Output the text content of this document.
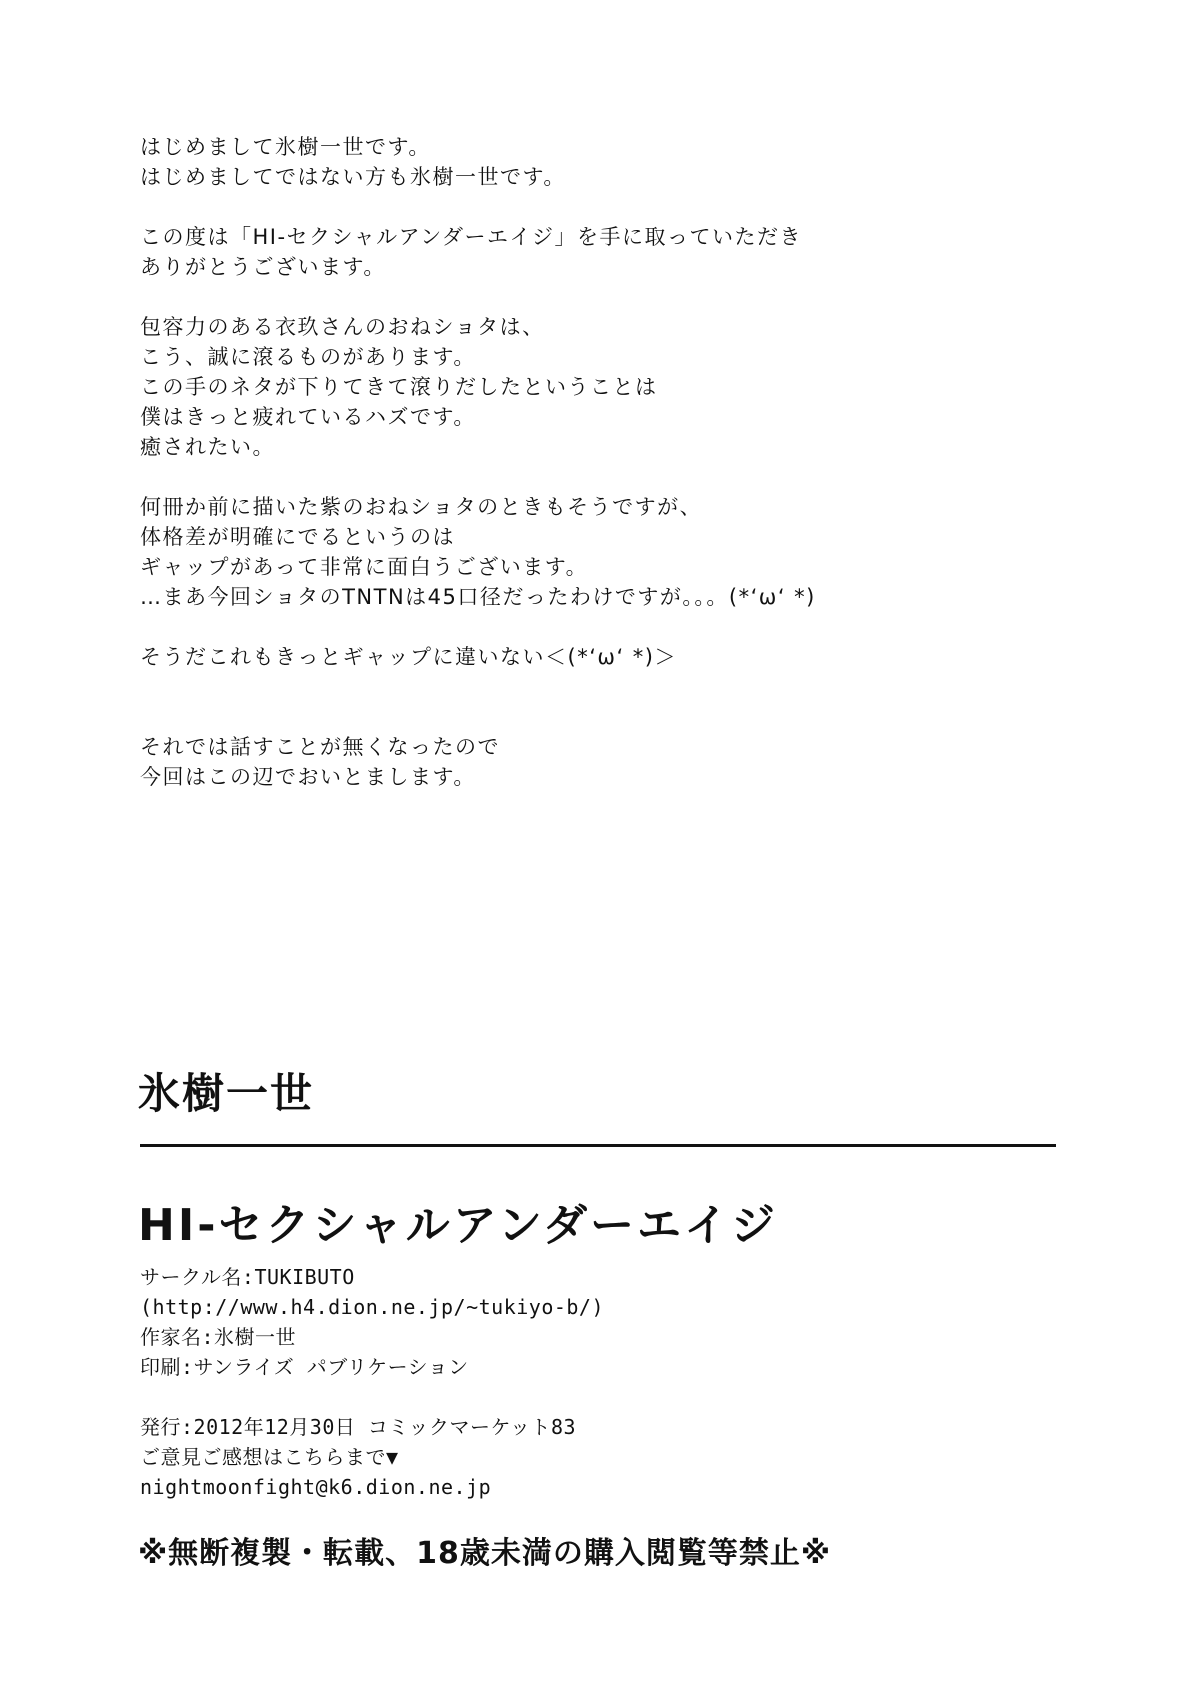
はじめまして氷樹一世です。
はじめましてではない方も氷樹一世です。
この度は「HI-セクシャルアンダーエイジ」を手に取っていただき
ありがとうございます。
包容力のある衣玖さんのおねショタは、
こう、誠に滾るものがあります。
この手のネタが下りてきて滾りだしたということは
僕はきっと疲れているハズです。
癒されたい。
何冊か前に描いた紫のおねショタのときもそうですが、
体格差が明確にでるというのは
ギャップがあって非常に面白うございます。
…まあ今回ショタのTNTNは45口径だったわけですが。。。(*‘ω‘ *)
そうだこれもきっとギャップに違いない＜(*‘ω‘ *)＞
それでは話すことが無くなったので
今回はこの辺でおいとまします。
氷樹一世
HI-セクシャルアンダーエイジ
サークル名:TUKIBUTO
(http://www.h4.dion.ne.jp/~tukiyo-b/)
作家名:氷樹一世
印刷:サンライズ パブリケーション
発行:2012年12月30日 コミックマーケット83
ご意見ご感想はこちらまで▼
nightmoonfight@k6.dion.ne.jp
※無断複製・転載、18歳未満の購入閲覧等禁止※
